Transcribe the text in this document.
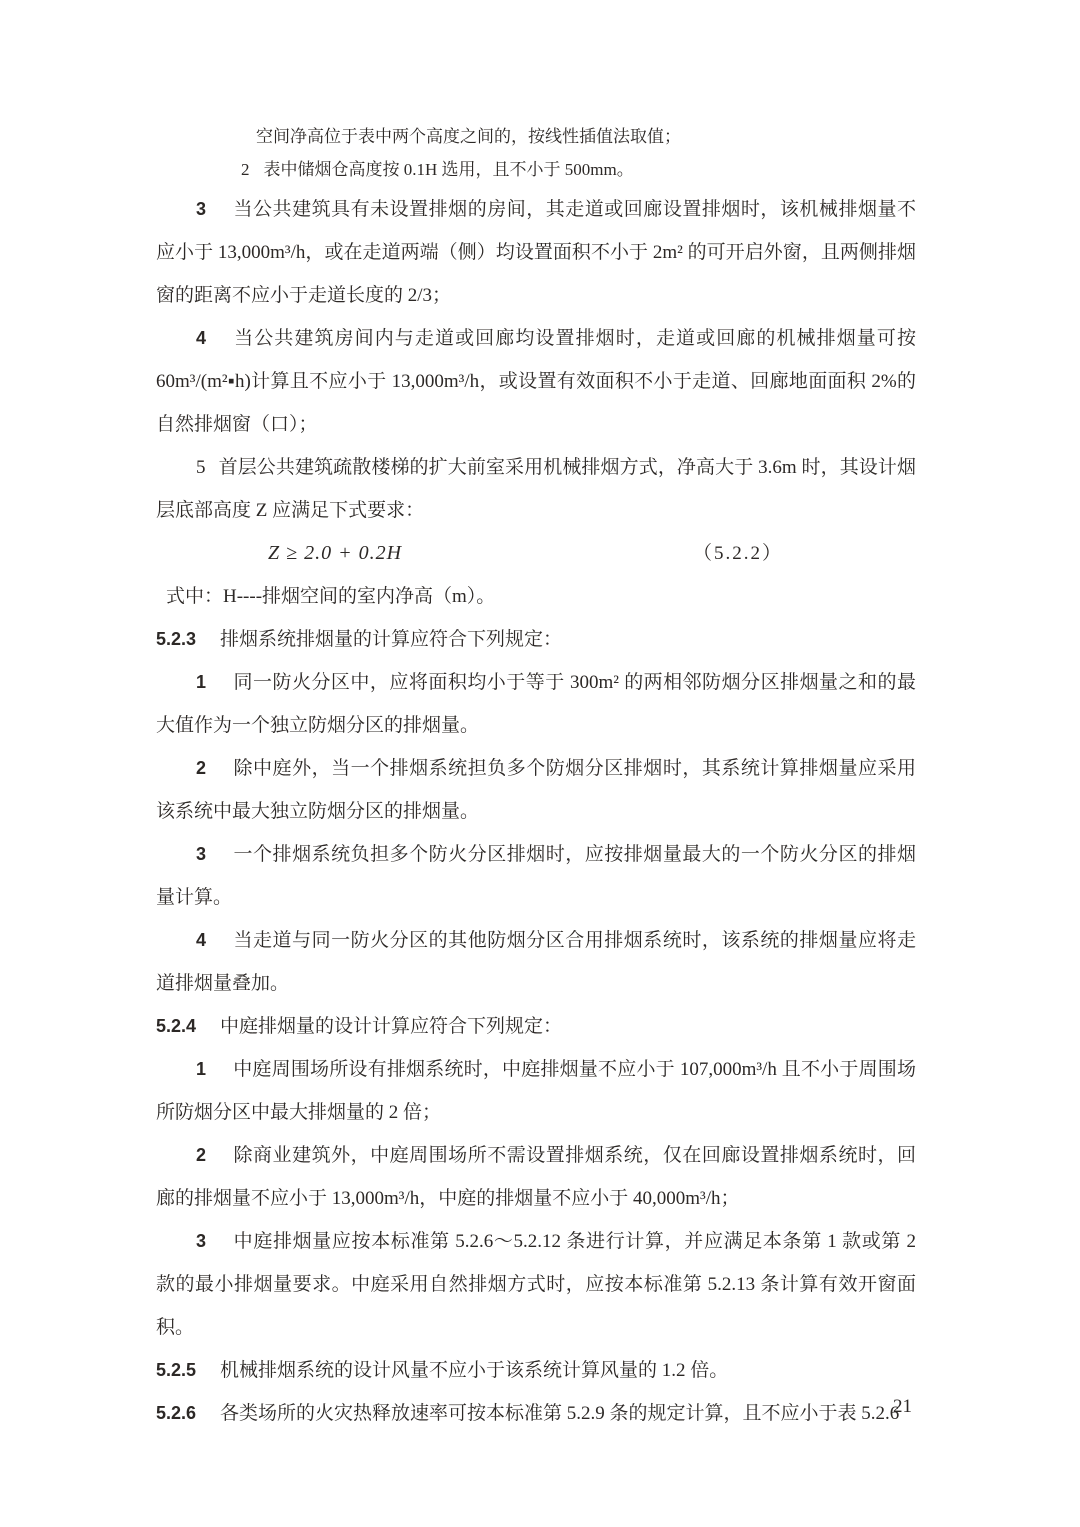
空间净高位于表中两个高度之间的，按线性插值法取值；
2 表中储烟仓高度按 0.1H 选用，且不小于 500mm。

3 当公共建筑具有未设置排烟的房间，其走道或回廊设置排烟时，该机械排烟量不应小于 13,000m³/h，或在走道两端（侧）均设置面积不小于 2m² 的可开启外窗，且两侧排烟窗的距离不应小于走道长度的 2/3；

4 当公共建筑房间内与走道或回廊均设置排烟时，走道或回廊的机械排烟量可按 60m³/(m²▪h)计算且不应小于 13,000m³/h，或设置有效面积不小于走道、回廊地面面积 2%的自然排烟窗（口）；

5 首层公共建筑疏散楼梯的扩大前室采用机械排烟方式，净高大于 3.6m 时，其设计烟层底部高度 Z 应满足下式要求：

Z ≥ 2.0 + 0.2H	（5.2.2）

式中：H----排烟空间的室内净高（m）。

5.2.3 排烟系统排烟量的计算应符合下列规定：

1 同一防火分区中，应将面积均小于等于 300m² 的两相邻防烟分区排烟量之和的最大值作为一个独立防烟分区的排烟量。

2 除中庭外，当一个排烟系统担负多个防烟分区排烟时，其系统计算排烟量应采用该系统中最大独立防烟分区的排烟量。

3 一个排烟系统负担多个防火分区排烟时，应按排烟量最大的一个防火分区的排烟量计算。

4 当走道与同一防火分区的其他防烟分区合用排烟系统时，该系统的排烟量应将走道排烟量叠加。

5.2.4 中庭排烟量的设计计算应符合下列规定：

1 中庭周围场所设有排烟系统时，中庭排烟量不应小于 107,000m³/h 且不小于周围场所防烟分区中最大排烟量的 2 倍；

2 除商业建筑外，中庭周围场所不需设置排烟系统，仅在回廊设置排烟系统时，回廊的排烟量不应小于 13,000m³/h，中庭的排烟量不应小于 40,000m³/h；

3 中庭排烟量应按本标准第 5.2.6～5.2.12 条进行计算，并应满足本条第 1 款或第 2 款的最小排烟量要求。中庭采用自然排烟方式时，应按本标准第 5.2.13 条计算有效开窗面积。

5.2.5 机械排烟系统的设计风量不应小于该系统计算风量的 1.2 倍。

5.2.6 各类场所的火灾热释放速率可按本标准第 5.2.9 条的规定计算，且不应小于表 5.2.6

21
